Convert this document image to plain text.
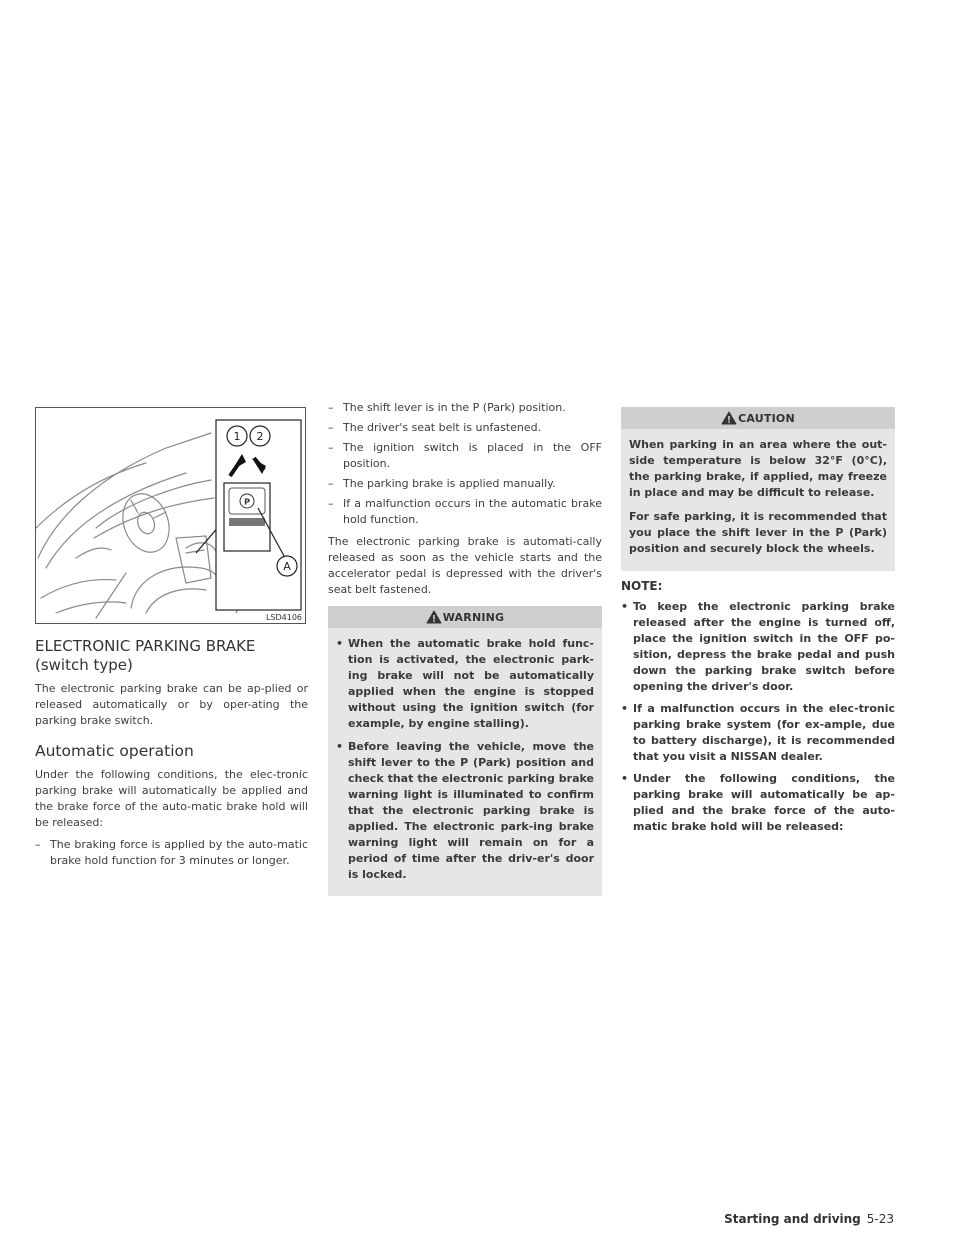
1 2
P
A
LSD4106
ELECTRONIC PARKING BRAKE (switch type)

The electronic parking brake can be ap-plied or released automatically or by oper-ating the parking brake switch.

Automatic operation

Under the following conditions, the elec-tronic parking brake will automatically be applied and the brake force of the auto-matic brake hold will be released:

– The braking force is applied by the auto-matic brake hold function for 3 minutes or longer.
– The shift lever is in the P (Park) position.
– The driver's seat belt is unfastened.
– The ignition switch is placed in the OFF position.
– The parking brake is applied manually.
– If a malfunction occurs in the automatic brake hold function.

The electronic parking brake is automati-cally released as soon as the vehicle starts and the accelerator pedal is depressed with the driver's seat belt fastened.

WARNING
• When the automatic brake hold func-tion is activated, the electronic park-ing brake will not be automatically applied when the engine is stopped without using the ignition switch (for example, by engine stalling).
• Before leaving the vehicle, move the shift lever to the P (Park) position and check that the electronic parking brake warning light is illuminated to confirm that the electronic parking brake is applied. The electronic park-ing brake warning light will remain on for a period of time after the driv-er's door is locked.
CAUTION

When parking in an area where the out-side temperature is below 32°F (0°C), the parking brake, if applied, may freeze in place and may be difficult to release.

For safe parking, it is recommended that you place the shift lever in the P (Park) position and securely block the wheels.

NOTE:
• To keep the electronic parking brake released after the engine is turned off, place the ignition switch in the OFF po-sition, depress the brake pedal and push down the parking brake switch before opening the driver's door.
• If a malfunction occurs in the elec-tronic parking brake system (for ex-ample, due to battery discharge), it is recommended that you visit a NISSAN dealer.
• Under the following conditions, the parking brake will automatically be ap-plied and the brake force of the auto-matic brake hold will be released:
Starting and driving 5-23
